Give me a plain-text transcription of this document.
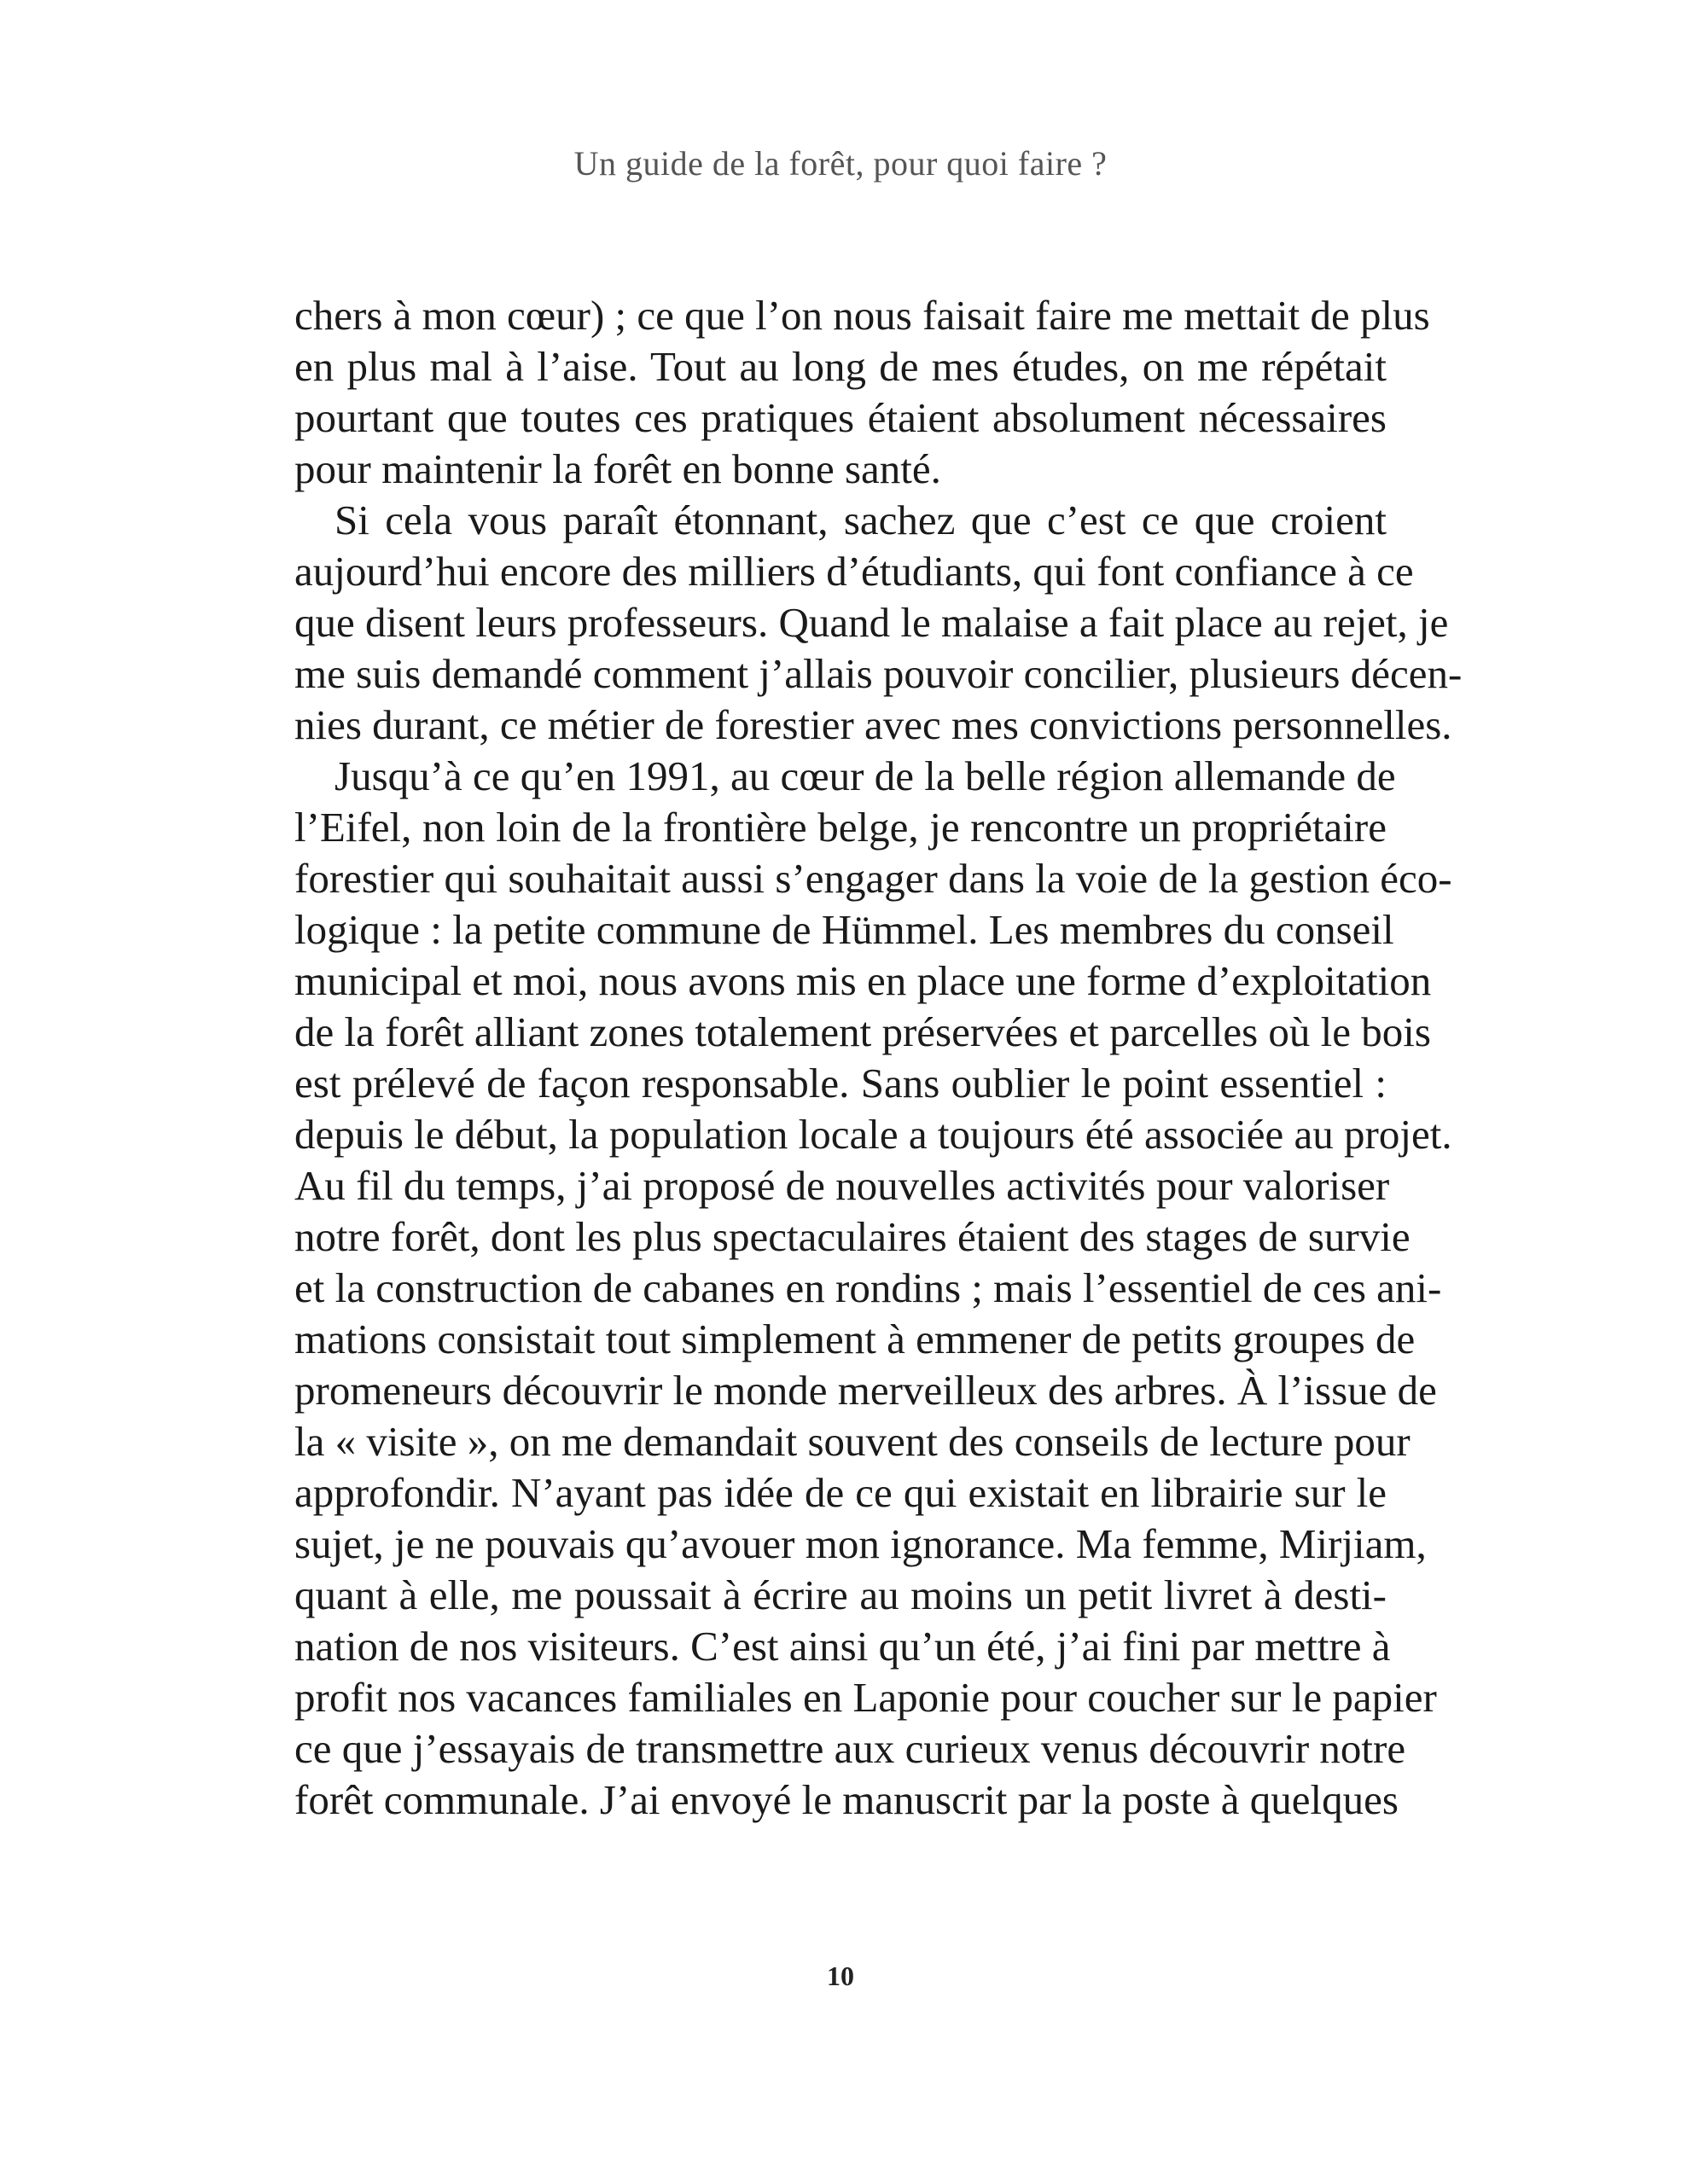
Un guide de la forêt, pour quoi faire ?
chers à mon cœur) ; ce que l’on nous faisait faire me mettait de plus
en plus mal à l’aise. Tout au long de mes études, on me répétait
pourtant que toutes ces pratiques étaient absolument nécessaires
pour maintenir la forêt en bonne santé.
Si cela vous paraît étonnant, sachez que c’est ce que croient
aujourd’hui encore des milliers d’étudiants, qui font confiance à ce
que disent leurs professeurs. Quand le malaise a fait place au rejet, je
me suis demandé comment j’allais pouvoir concilier, plusieurs décen-
nies durant, ce métier de forestier avec mes convictions personnelles.
Jusqu’à ce qu’en 1991, au cœur de la belle région allemande de
l’Eifel, non loin de la frontière belge, je rencontre un propriétaire
forestier qui souhaitait aussi s’engager dans la voie de la gestion éco-
logique : la petite commune de Hümmel. Les membres du conseil
municipal et moi, nous avons mis en place une forme d’exploitation
de la forêt alliant zones totalement préservées et parcelles où le bois
est prélevé de façon responsable. Sans oublier le point essentiel :
depuis le début, la population locale a toujours été associée au projet.
Au fil du temps, j’ai proposé de nouvelles activités pour valoriser
notre forêt, dont les plus spectaculaires étaient des stages de survie
et la construction de cabanes en rondins ; mais l’essentiel de ces ani-
mations consistait tout simplement à emmener de petits groupes de
promeneurs découvrir le monde merveilleux des arbres. À l’issue de
la « visite », on me demandait souvent des conseils de lecture pour
approfondir. N’ayant pas idée de ce qui existait en librairie sur le
sujet, je ne pouvais qu’avouer mon ignorance. Ma femme, Mirjiam,
quant à elle, me poussait à écrire au moins un petit livret à desti-
nation de nos visiteurs. C’est ainsi qu’un été, j’ai fini par mettre à
profit nos vacances familiales en Laponie pour coucher sur le papier
ce que j’essayais de transmettre aux curieux venus découvrir notre
forêt communale. J’ai envoyé le manuscrit par la poste à quelques
10
